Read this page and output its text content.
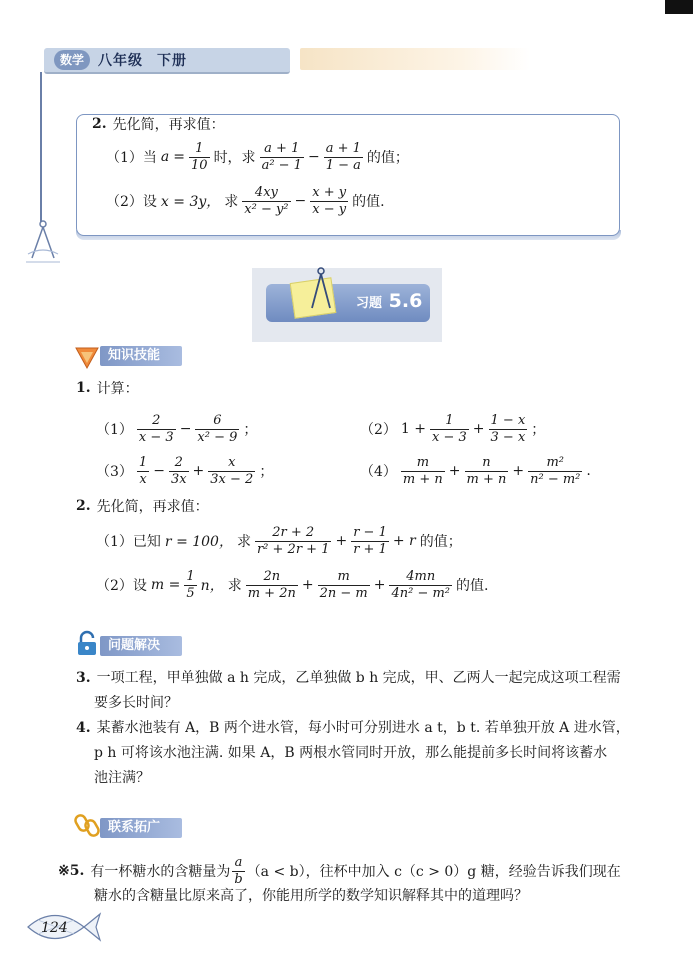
数学	八年级 下册
2. 先化简，再求值：
（1）当 $a = \frac{1}{10}$ 时，求 $\frac{a + 1}{\text{a² − 1}} - \frac{a + 1}{1 - a}$ 的值；
（2）设 x = 3y， 求 $\frac{4xy}{\text{x² − y²}} - \frac{x + y}{x - y}$ 的值.
习题 5.6
知识技能
1. 计算：
$(1) \frac{2}{x - 3} - \frac{6}{\text{x² − 9}}$ ；	（2） $1 + \frac{1}{x - 3} + \frac{1 - x}{3 - x}$ ；
$(3) \frac{1}{x} - \frac{2}{3x} + \frac{x}{3x - 2}$ ；	$(4) \frac{m}{m + n} + \frac{n}{m + n} + \frac{\text{m²}}{\text{n² − m²}}$ .
2. 先化简，再求值：
（1）已知 r = 100， 求 $\frac{2r + 2}{\text{r² + 2r + 1}} + \frac{r - 1}{r + 1} + r$ 的值；
（2）设 $m = \frac{1}{5}$ n， 求 $\frac{2n}{m + 2n} + \frac{m}{2n - m} + \frac{4mn}{\text{4n² − m²}}$ 的值.
问题解决
3. 一项工程，甲单独做 a h 完成，乙单独做 b h 完成，甲、乙两人一起完成这项工程需
要多长时间？
4. 某蓄水池装有 A，B 两个进水管，每小时可分别进水 a t，b t. 若单独开放 A 进水管，
p h 可将该水池注满. 如果 A，B 两根水管同时开放，那么能提前多长时间将该蓄水
池注满？
联系拓广
※5. 有一杯糖水的含糖量为 $\frac{a}{b} (a < b)$，往杯中加入 c（c > 0）g 糖，经验告诉我们现在
糖水的含糖量比原来高了，你能用所学的数学知识解释其中的道理吗？
124
